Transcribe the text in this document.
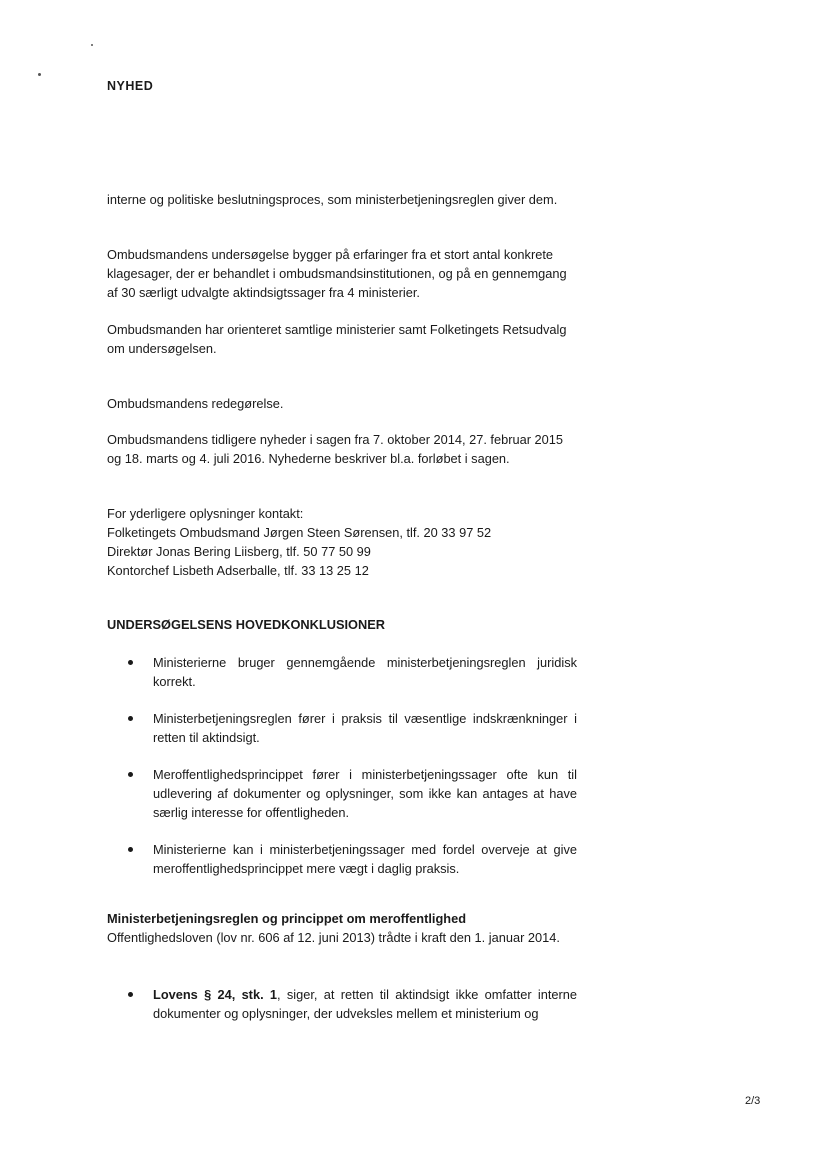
NYHED

interne og politiske beslutningsproces, som ministerbetjeningsreglen giver dem.

Ombudsmandens undersøgelse bygger på erfaringer fra et stort antal konkrete klagesager, der er behandlet i ombudsmandsinstitutionen, og på en gennemgang af 30 særligt udvalgte aktindsigtssager fra 4 ministerier.

Ombudsmanden har orienteret samtlige ministerier samt Folketingets Retsudvalg om undersøgelsen.

Ombudsmandens redegørelse.

Ombudsmandens tidligere nyheder i sagen fra 7. oktober 2014, 27. februar 2015 og 18. marts og 4. juli 2016. Nyhederne beskriver bl.a. forløbet i sagen.

For yderligere oplysninger kontakt:
Folketingets Ombudsmand Jørgen Steen Sørensen, tlf. 20 33 97 52
Direktør Jonas Bering Liisberg, tlf. 50 77 50 99
Kontorchef Lisbeth Adserballe, tlf. 33 13 25 12
UNDERSØGELSENS HOVEDKONKLUSIONER
Ministerierne bruger gennemgående ministerbetjeningsreglen juridisk korrekt.
Ministerbetjeningsreglen fører i praksis til væsentlige indskrænkninger i retten til aktindsigt.
Meroffentlighedsprincippet fører i ministerbetjeningssager ofte kun til udlevering af dokumenter og oplysninger, som ikke kan antages at have særlig interesse for offentligheden.
Ministerierne kan i ministerbetjeningssager med fordel overveje at give meroffentlighedsprincippet mere vægt i daglig praksis.
Ministerbetjeningsreglen og princippet om meroffentlighed

Offentlighedsloven (lov nr. 606 af 12. juni 2013) trådte i kraft den 1. januar 2014.

Lovens § 24, stk. 1, siger, at retten til aktindsigt ikke omfatter interne dokumenter og oplysninger, der udveksles mellem et ministerium og
2/3
